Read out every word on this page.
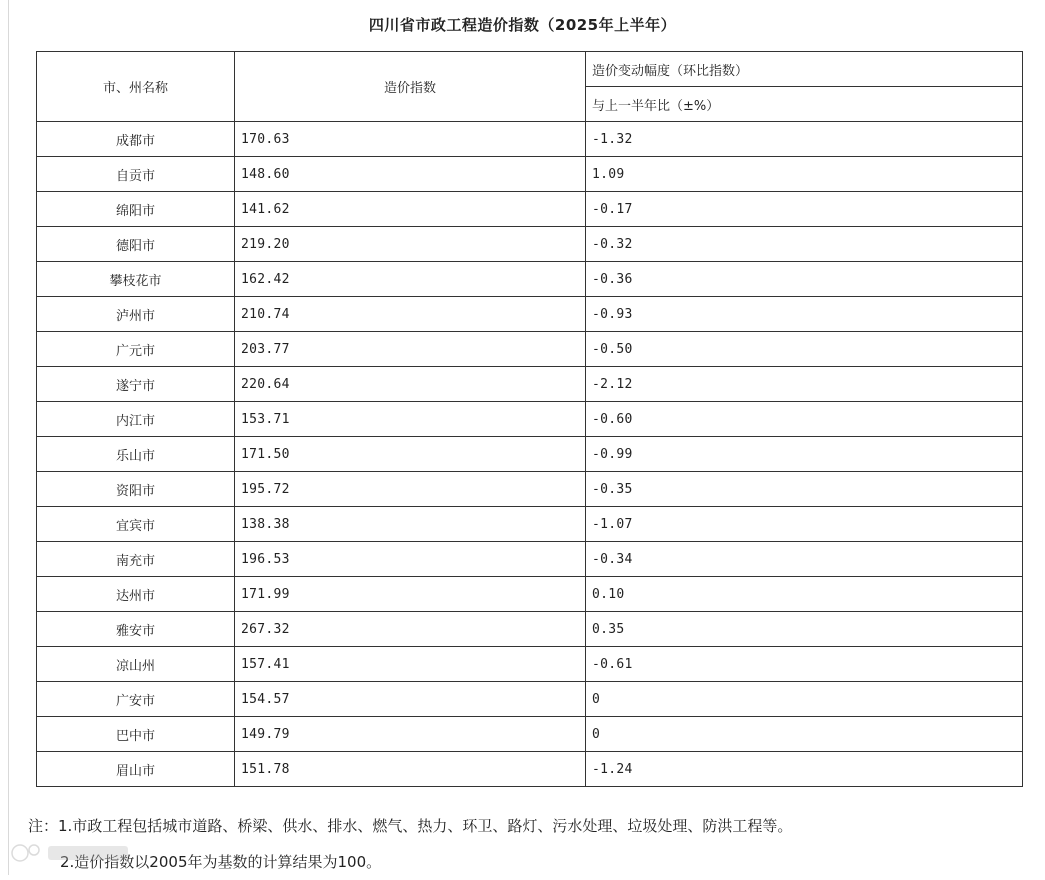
四川省市政工程造价指数（2025年上半年）
市、州名称	造价指数	造价变动幅度（环比指数）
		与上一半年比（±%）
成都市	170.63	-1.32
自贡市	148.60	1.09
绵阳市	141.62	-0.17
德阳市	219.20	-0.32
攀枝花市	162.42	-0.36
泸州市	210.74	-0.93
广元市	203.77	-0.50
遂宁市	220.64	-2.12
内江市	153.71	-0.60
乐山市	171.50	-0.99
资阳市	195.72	-0.35
宜宾市	138.38	-1.07
南充市	196.53	-0.34
达州市	171.99	0.10
雅安市	267.32	0.35
凉山州	157.41	-0.61
广安市	154.57	0
巴中市	149.79	0
眉山市	151.78	-1.24
注：1.市政工程包括城市道路、桥梁、供水、排水、燃气、热力、环卫、路灯、污水处理、垃圾处理、防洪工程等。
2.造价指数以2005年为基数的计算结果为100。
